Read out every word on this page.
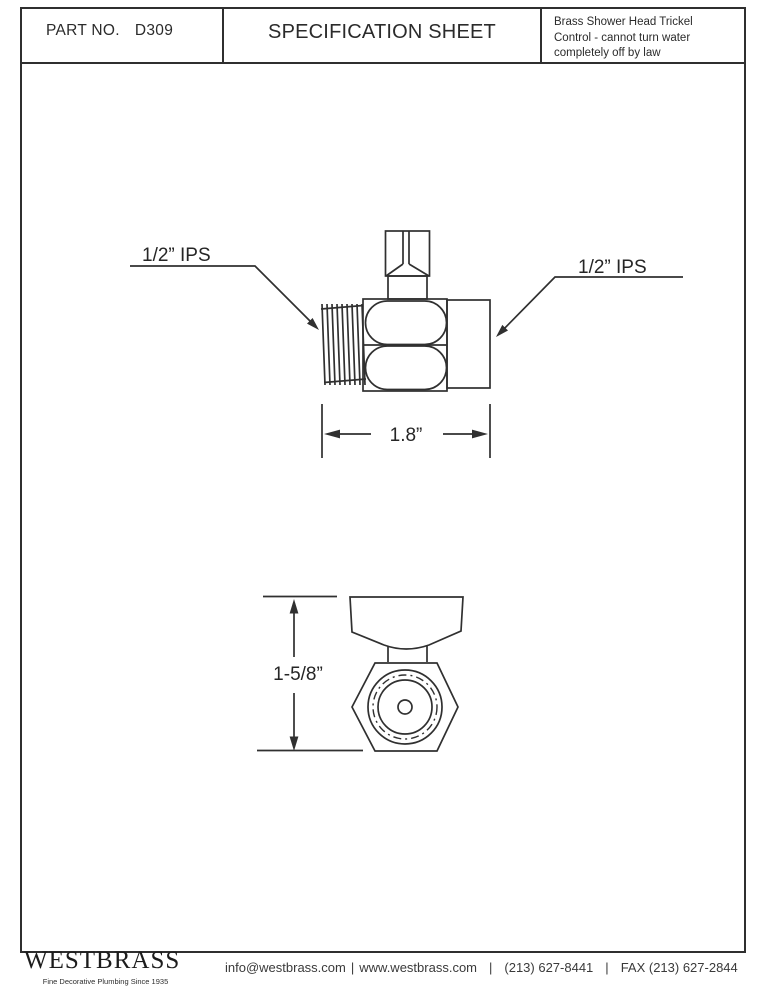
PART NO. D309	SPECIFICATION SHEET	Brass Shower Head Trickel Control - cannot turn water completely off by law
1/2” IPS
1/2” IPS
1.8”
1-5/8”
WESTBRASS
Fine Decorative Plumbing Since 1935
info@westbrass.com | www.westbrass.com | (213) 627-8441 | FAX (213) 627-2844
